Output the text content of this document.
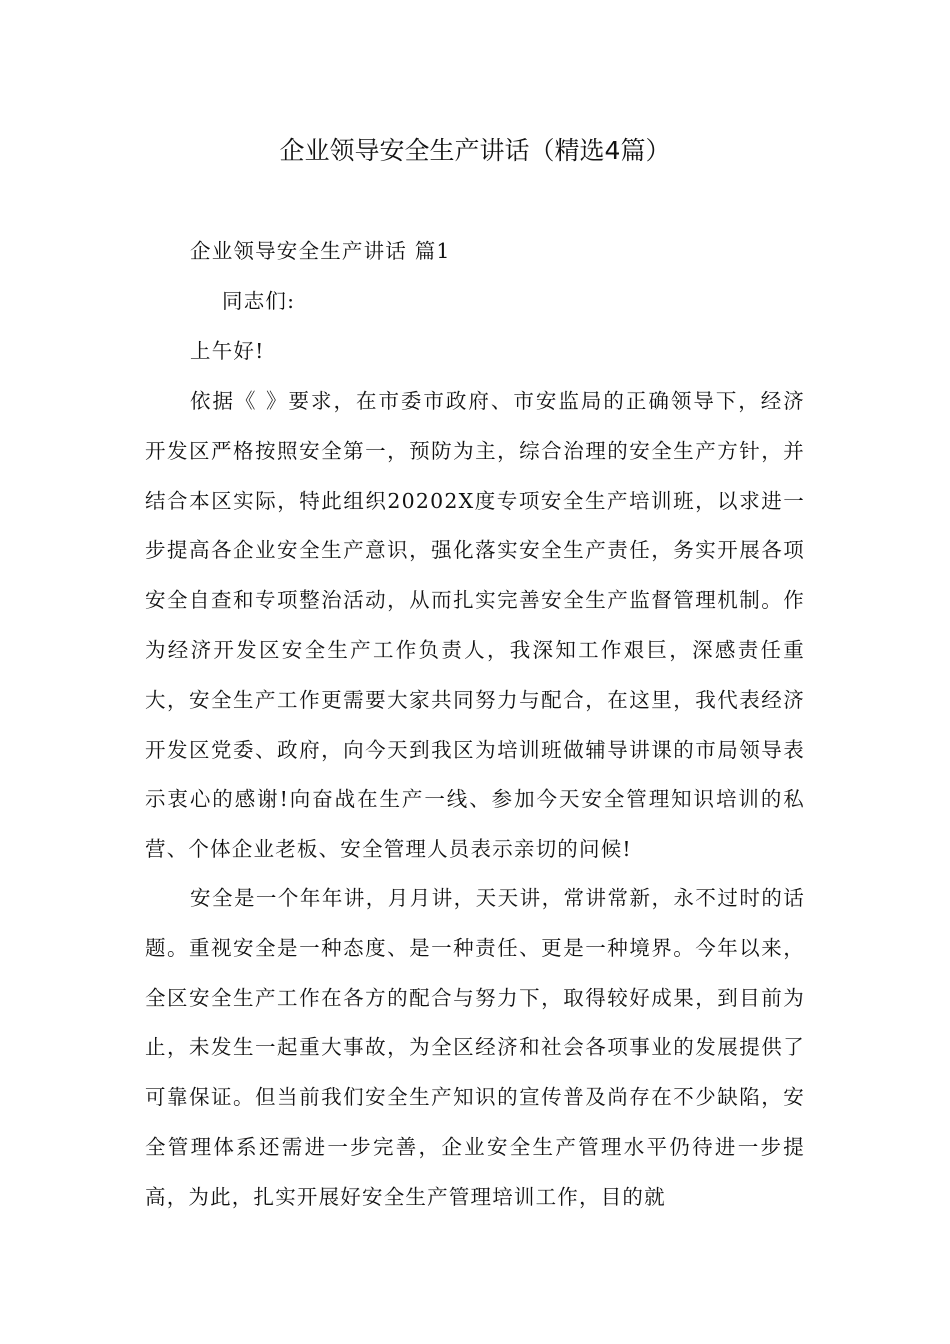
企业领导安全生产讲话（精选4篇）

企业领导安全生产讲话 篇1

同志们:

上午好!

依据《 》要求，在市委市政府、市安监局的正确领导下，经济开发区严格按照安全第一，预防为主，综合治理的安全生产方针，并结合本区实际，特此组织20202X度专项安全生产培训班，以求进一步提高各企业安全生产意识，强化落实安全生产责任，务实开展各项安全自查和专项整治活动，从而扎实完善安全生产监督管理机制。作为经济开发区安全生产工作负责人，我深知工作艰巨，深感责任重大，安全生产工作更需要大家共同努力与配合，在这里，我代表经济开发区党委、政府，向今天到我区为培训班做辅导讲课的市局领导表示衷心的感谢!向奋战在生产一线、参加今天安全管理知识培训的私营、个体企业老板、安全管理人员表示亲切的问候!

安全是一个年年讲，月月讲，天天讲，常讲常新，永不过时的话题。重视安全是一种态度、是一种责任、更是一种境界。今年以来，全区安全生产工作在各方的配合与努力下，取得较好成果，到目前为止，未发生一起重大事故，为全区经济和社会各项事业的发展提供了可靠保证。但当前我们安全生产知识的宣传普及尚存在不少缺陷，安全管理体系还需进一步完善，企业安全生产管理水平仍待进一步提高，为此，扎实开展好安全生产管理培训工作，目的就
